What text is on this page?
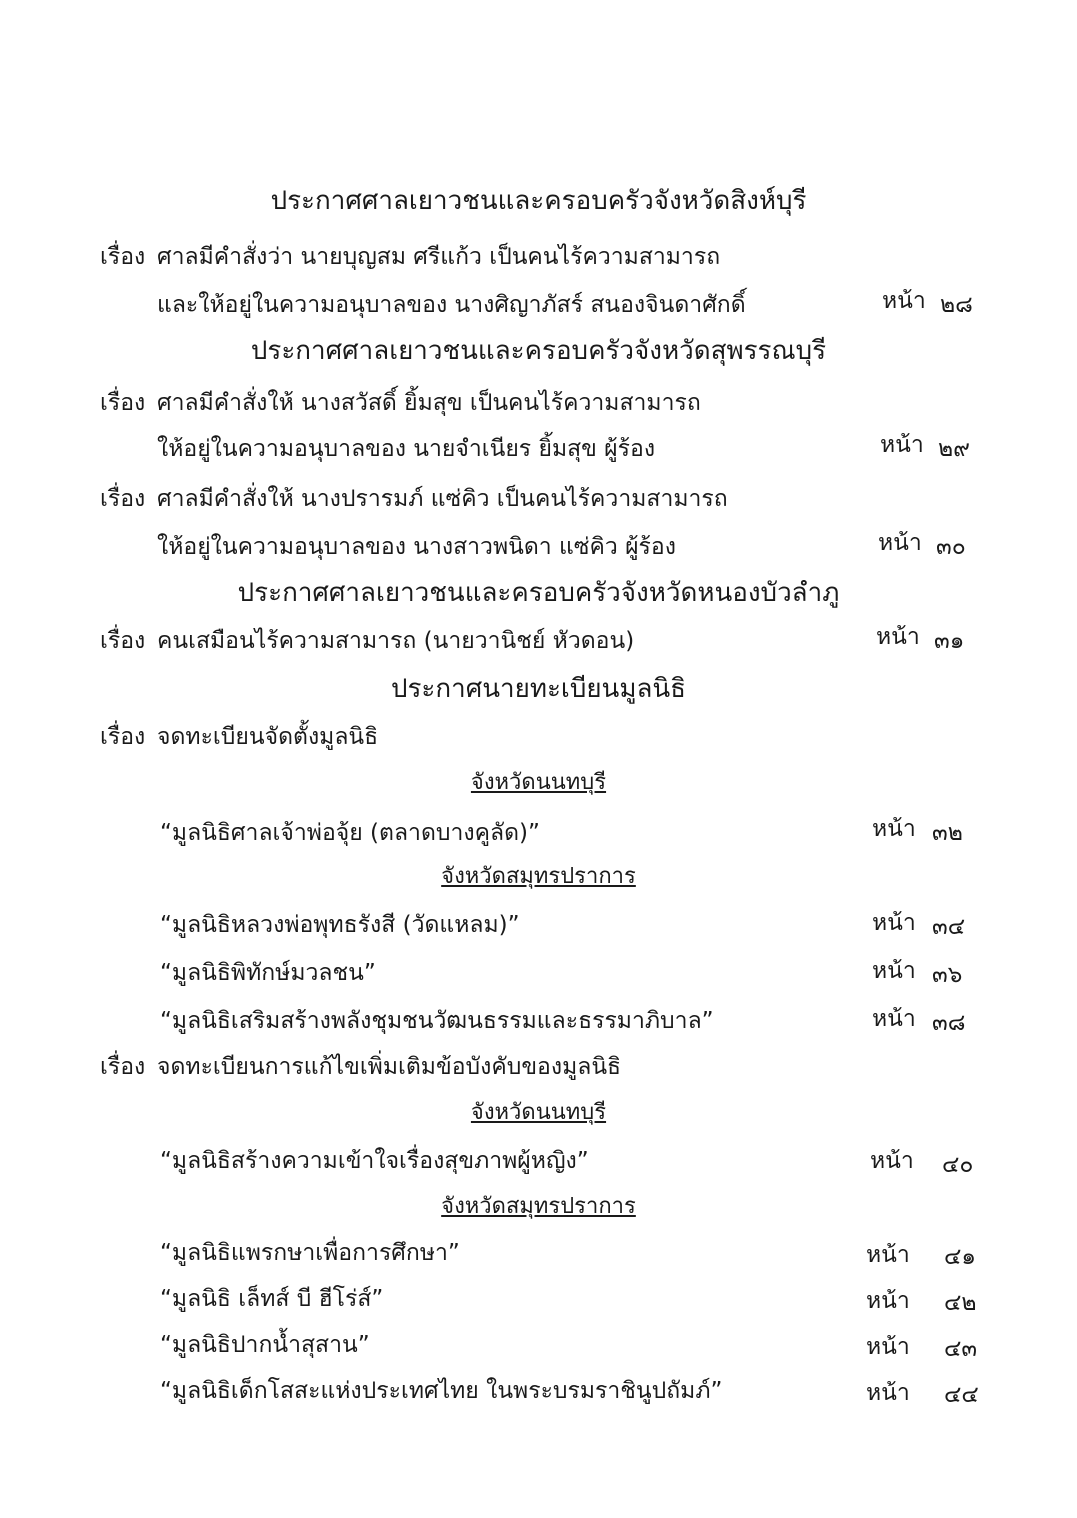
ประกาศศาลเยาวชนและครอบครัวจังหวัดสิงห์บุรี
เรื่อง ศาลมีคำสั่งว่า นายบุญสม ศรีแก้ว เป็นคนไร้ความสามารถ
และให้อยู่ในความอนุบาลของ นางศิญาภัสร์ สนองจินดาศักดิ์	หน้า ๒๘
ประกาศศาลเยาวชนและครอบครัวจังหวัดสุพรรณบุรี
เรื่อง ศาลมีคำสั่งให้ นางสวัสดิ์ ยิ้มสุข เป็นคนไร้ความสามารถ
ให้อยู่ในความอนุบาลของ นายจำเนียร ยิ้มสุข ผู้ร้อง	หน้า ๒๙
เรื่อง ศาลมีคำสั่งให้ นางปรารมภ์ แซ่คิว เป็นคนไร้ความสามารถ
ให้อยู่ในความอนุบาลของ นางสาวพนิดา แซ่คิว ผู้ร้อง	หน้า ๓๐
ประกาศศาลเยาวชนและครอบครัวจังหวัดหนองบัวลำภู
เรื่อง คนเสมือนไร้ความสามารถ (นายวานิชย์ หัวดอน)	หน้า ๓๑
ประกาศนายทะเบียนมูลนิธิ
เรื่อง จดทะเบียนจัดตั้งมูลนิธิ
จังหวัดนนทบุรี
“มูลนิธิศาลเจ้าพ่อจุ้ย (ตลาดบางคูลัด)”	หน้า ๓๒
จังหวัดสมุทรปราการ
“มูลนิธิหลวงพ่อพุทธรังสี (วัดแหลม)”	หน้า ๓๔
“มูลนิธิพิทักษ์มวลชน”	หน้า ๓๖
“มูลนิธิเสริมสร้างพลังชุมชนวัฒนธรรมและธรรมาภิบาล”	หน้า ๓๘
เรื่อง จดทะเบียนการแก้ไขเพิ่มเติมข้อบังคับของมูลนิธิ
จังหวัดนนทบุรี
“มูลนิธิสร้างความเข้าใจเรื่องสุขภาพผู้หญิง”	หน้า ๔๐
จังหวัดสมุทรปราการ
“มูลนิธิแพรกษาเพื่อการศึกษา”	หน้า ๔๑
“มูลนิธิ เล็ทส์ บี ฮีโร่ส์”	หน้า ๔๒
“มูลนิธิปากน้ำสุสาน”	หน้า ๔๓
“มูลนิธิเด็กโสสะแห่งประเทศไทย ในพระบรมราชินูปถัมภ์”	หน้า ๔๔
